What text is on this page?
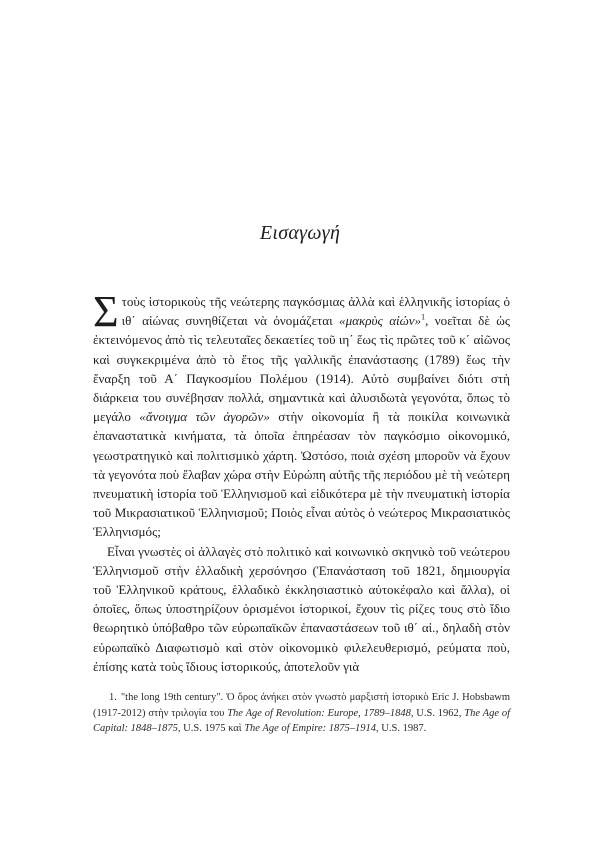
Εισαγωγή

Στοὺς ἱστορικοὺς τῆς νεώτερης παγκόσμιας ἀλλὰ καὶ ἑλληνικῆς ἱστορίας ὁ ιθ΄ αἰώνας συνηθίζεται νὰ ὀνομάζεται «μακρὺς αἰών»$^1$, νοεῖται δὲ ὡς ἐκτεινόμενος ἀπὸ τὶς τελευταῖες δεκαετίες τοῦ ιη΄ ἕως τὶς πρῶτες τοῦ κ΄ αἰῶνος καὶ συγκεκριμένα ἀπὸ τὸ ἔτος τῆς γαλλικῆς ἐπανάστασης (1789) ἕως τὴν ἔναρξη τοῦ Α΄ Παγκοσμίου Πολέμου (1914). Αὐτὸ συμβαίνει διότι στὴ διάρκεια του συνέβησαν πολλά, σημαντικὰ καὶ ἀλυσιδωτὰ γεγονότα, ὅπως τὸ μεγάλο «ἄνοιγμα τῶν ἀγορῶν» στὴν οἰκονομία ἢ τὰ ποικίλα κοινωνικὰ ἐπαναστατικὰ κινήματα, τὰ ὁποῖα ἐπηρέασαν τὸν παγκόσμιο οἰκονομικό, γεωστρατηγικὸ καὶ πολιτισμικὸ χάρτη. Ὡστόσο, ποιὰ σχέση μποροῦν νὰ ἔχουν τὰ γεγονότα ποὺ ἔλαβαν χώρα στὴν Εὐρώπη αὐτῆς τῆς περιόδου μὲ τὴ νεώτερη πνευματικὴ ἱστορία τοῦ Ἑλληνισμοῦ καὶ εἰδικότερα μὲ τὴν πνευματικὴ ἱστορία τοῦ Μικρασιατικοῦ Ἑλληνισμοῦ; Ποιὸς εἶναι αὐτὸς ὁ νεώτερος Μικρασιατικὸς Ἑλληνισμός;

Εἶναι γνωστὲς οἱ ἀλλαγὲς στὸ πολιτικὸ καὶ κοινωνικὸ σκηνικὸ τοῦ νεώτερου Ἑλληνισμοῦ στὴν ἑλλαδικὴ χερσόνησο (Ἐπανάσταση τοῦ 1821, δημιουργία τοῦ Ἑλληνικοῦ κράτους, ἑλλαδικὸ ἐκκλησιαστικὸ αὐτοκέφαλο καὶ ἄλλα), οἱ ὁποῖες, ὅπως ὑποστηρίζουν ὁρισμένοι ἱστορικοί, ἔχουν τὶς ρίζες τους στὸ ἴδιο θεωρητικὸ ὑπόβαθρο τῶν εὐρωπαϊκῶν ἐπαναστάσεων τοῦ ιθ΄ αἰ., δηλαδὴ στὸν εὐρωπαϊκὸ Διαφωτισμὸ καὶ στὸν οἰκονομικὸ φιλελευθερισμό, ρεύματα ποὺ, ἐπίσης κατὰ τοὺς ἴδιους ἱστορικούς, ἀποτελοῦν γιὰ

1. "the long 19th century". Ὁ ὅρος ἀνήκει στὸν γνωστὸ μαρξιστὴ ἱστορικὸ Eric J. Hobsbawm (1917-2012) στὴν τριλογία του The Age of Revolution: Europe, 1789–1848, U.S. 1962, The Age of Capital: 1848–1875, U.S. 1975 καὶ The Age of Empire: 1875–1914, U.S. 1987.
